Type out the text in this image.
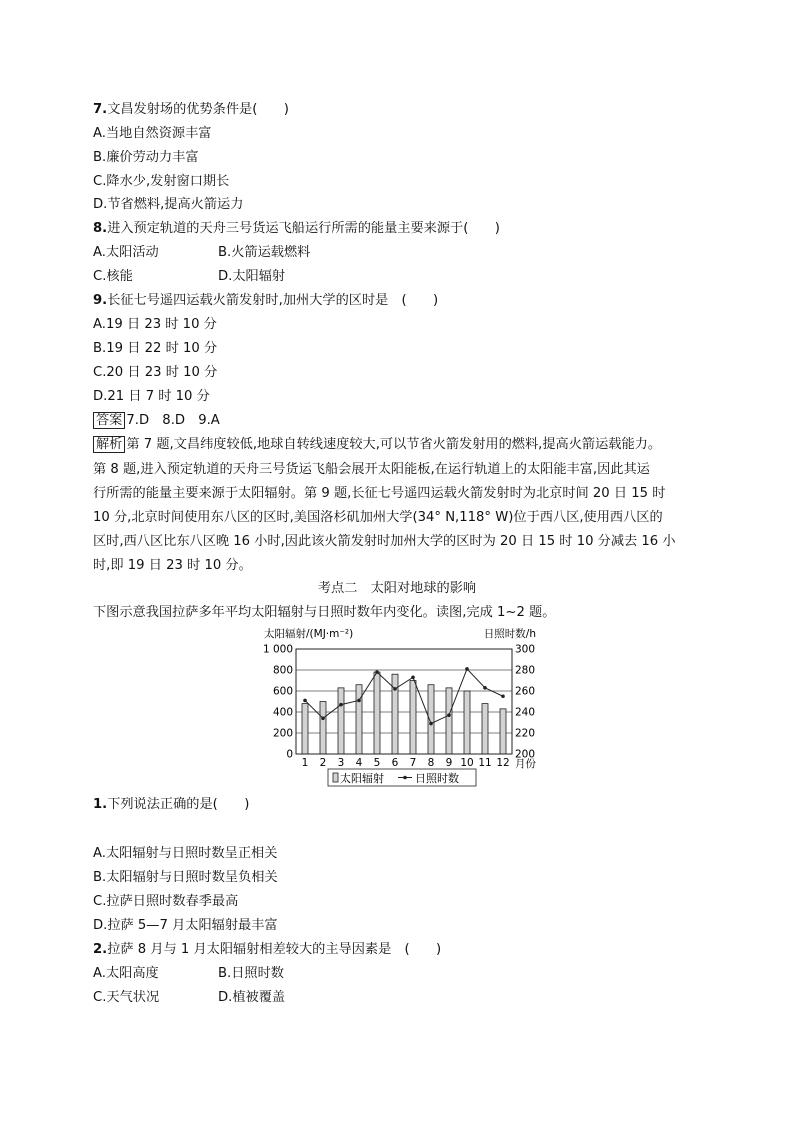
7.文昌发射场的优势条件是(　　)
A.当地自然资源丰富
B.廉价劳动力丰富
C.降水少,发射窗口期长
D.节省燃料,提高火箭运力
8.进入预定轨道的天舟三号货运飞船运行所需的能量主要来源于(　　)
A.太阳活动	B.火箭运载燃料
C.核能	D.太阳辐射
9.长征七号遥四运载火箭发射时,加州大学的区时是　(　　)
A.19 日 23 时 10 分
B.19 日 22 时 10 分
C.20 日 23 时 10 分
D.21 日 7 时 10 分
答案 7.D　8.D　9.A
解析 第 7 题,文昌纬度较低,地球自转线速度较大,可以节省火箭发射用的燃料,提高火箭运载能力。
第 8 题,进入预定轨道的天舟三号货运飞船会展开太阳能板,在运行轨道上的太阳能丰富,因此其运
行所需的能量主要来源于太阳辐射。第 9 题,长征七号遥四运载火箭发射时为北京时间 20 日 15 时
10 分,北京时间使用东八区的区时,美国洛杉矶加州大学(34° N,118° W)位于西八区,使用西八区的
区时,西八区比东八区晚 16 小时,因此该火箭发射时加州大学的区时为 20 日 15 时 10 分减去 16 小
时,即 19 日 23 时 10 分。
考点二　太阳对地球的影响
下图示意我国拉萨多年平均太阳辐射与日照时数年内变化。读图,完成 1~2 题。
太阳辐射/(MJ·m⁻²)	日照时数/h
0
200
400
600
800
1 000
200
220
240
260
280
300
1 2 3 4 5 6 7 8 9 10 11 12 月份
太阳辐射	日照时数
1.下列说法正确的是(　　)
A.太阳辐射与日照时数呈正相关
B.太阳辐射与日照时数呈负相关
C.拉萨日照时数春季最高
D.拉萨 5—7 月太阳辐射最丰富
2.拉萨 8 月与 1 月太阳辐射相差较大的主导因素是　(　　)
A.太阳高度	B.日照时数
C.天气状况	D.植被覆盖
